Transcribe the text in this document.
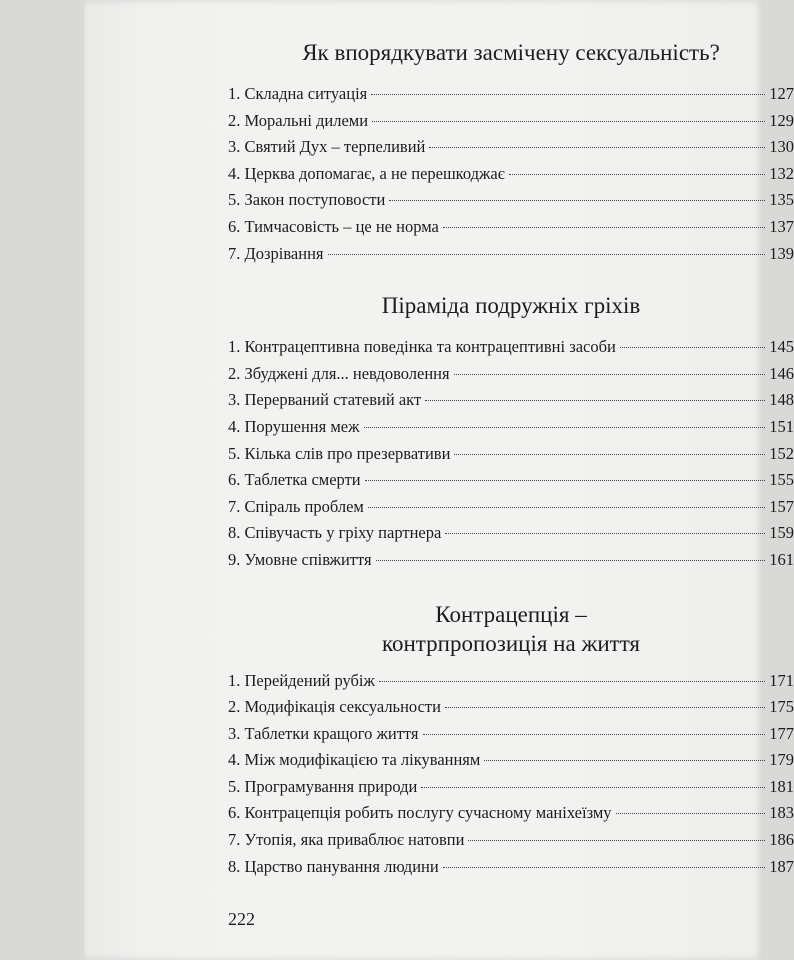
Як впорядкувати засмічену сексуальність?
1. Складна ситуація	127
2. Моральні дилеми	129
3. Святий Дух – терпеливий	130
4. Церква допомагає, а не перешкоджає	132
5. Закон поступовости	135
6. Тимчасовість – це не норма	137
7. Дозрівання	139
Піраміда подружніх гріхів
1. Контрацептивна поведінка та контрацептивні засоби	145
2. Збуджені для... невдоволення	146
3. Перерваний статевий акт	148
4. Порушення меж	151
5. Кілька слів про презервативи	152
6. Таблетка смерти	155
7. Спіраль проблем	157
8. Співучасть у гріху партнера	159
9. Умовне співжиття	161
Контрацепція –
контрпропозиція на життя
1. Перейдений рубіж	171
2. Модифікація сексуальности	175
3. Таблетки кращого життя	177
4. Між модифікацією та лікуванням	179
5. Програмування природи	181
6. Контрацепція робить послугу сучасному маніхеїзму	183
7. Утопія, яка приваблює натовпи	186
8. Царство панування людини	187
222
